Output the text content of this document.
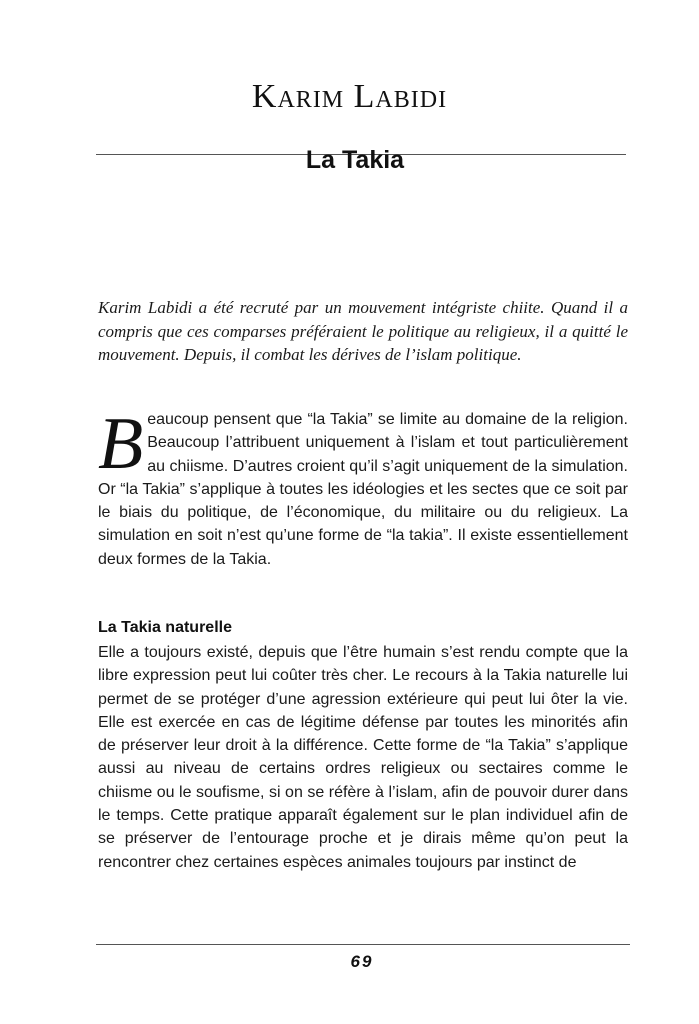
Karim Labidi
La Takia
Karim Labidi a été recruté par un mouvement intégriste chiite. Quand il a compris que ces comparses préféraient le politique au religieux, il a quitté le mouvement. Depuis, il combat les dérives de l’islam politique.
Beaucoup pensent que “la Takia” se limite au domaine de la religion. Beaucoup l’attribuent uniquement à l’islam et tout particulièrement au chiisme. D’autres croient qu’il s’agit uniquement de la simulation. Or “la Takia” s’applique à toutes les idéologies et les sectes que ce soit par le biais du politique, de l’économique, du militaire ou du religieux. La simulation en soit n’est qu’une forme de “la takia”. Il existe essentiellement deux formes de la Takia.
La Takia naturelle
Elle a toujours existé, depuis que l’être humain s’est rendu compte que la libre expression peut lui coûter très cher. Le recours à la Takia naturelle lui permet de se protéger d’une agression extérieure qui peut lui ôter la vie. Elle est exercée en cas de légitime défense par toutes les minorités afin de préserver leur droit à la différence. Cette forme de “la Takia” s’applique aussi au niveau de certains ordres religieux ou sectaires comme le chiisme ou le soufisme, si on se réfère à l’islam, afin de pouvoir durer dans le temps. Cette pratique apparaît également sur le plan individuel afin de se préserver de l’entourage proche et je dirais même qu’on peut la rencontrer chez certaines espèces animales toujours par instinct de
69
